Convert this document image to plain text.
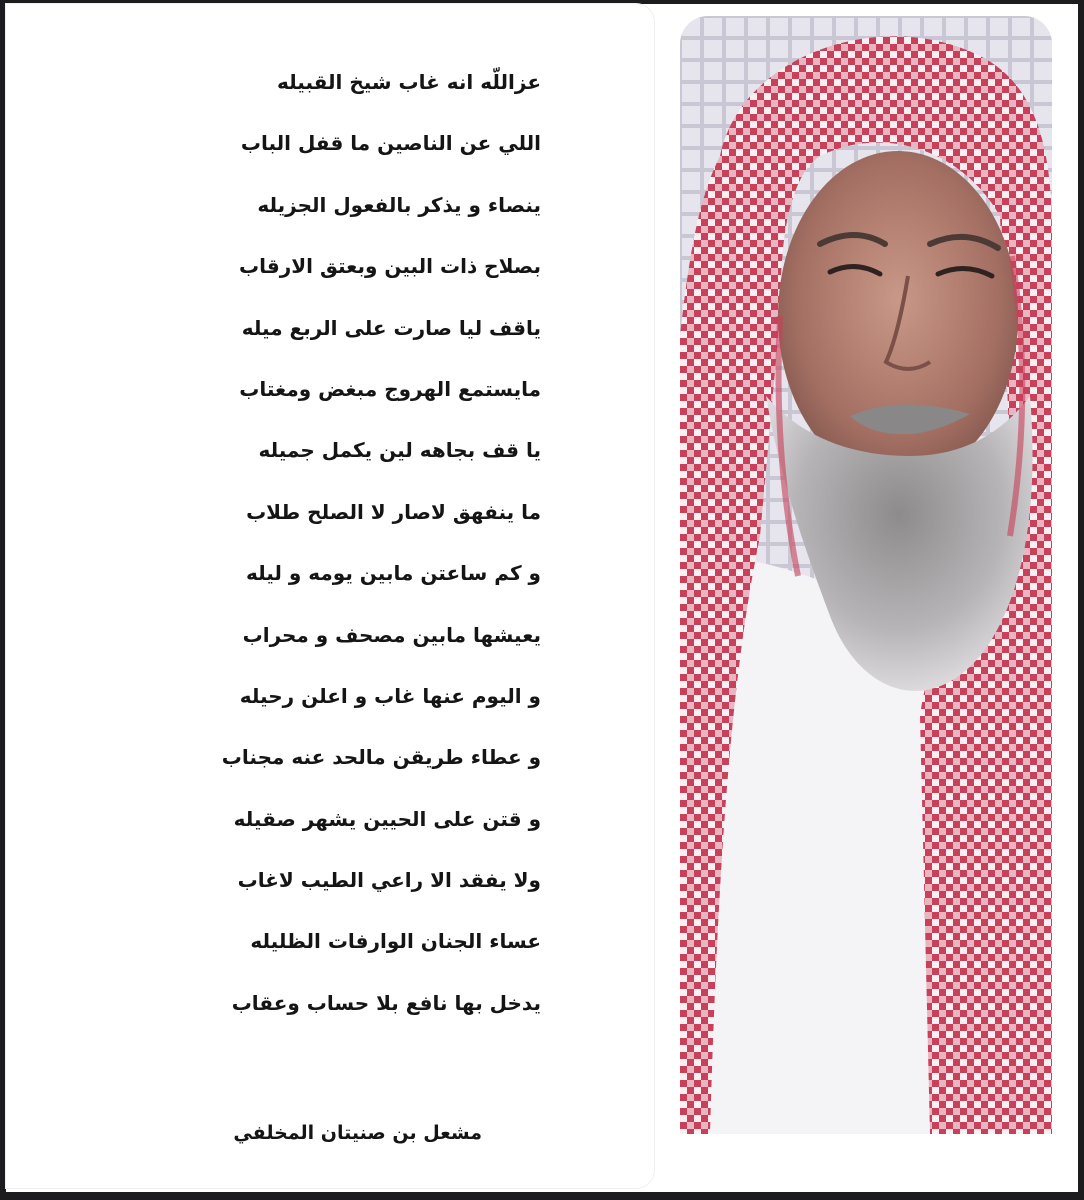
عزاللّه انه غاب شيخ القبيله
اللي عن الناصين ما قفل الباب
ينصاء و يذكر بالفعول الجزيله
بصلاح ذات البين وبعتق الارقاب
ياقف ليا صارت على الربع ميله
مايستمع الهروج مبغض ومغتاب
يا قف بجاهه لين يكمل جميله
ما ينفهق لاصار لا الصلح طلاب
و كم ساعتن مابين يومه و ليله
يعيشها مابين مصحف و محراب
و اليوم عنها غاب و اعلن رحيله
و عطاء طريقن مالحد عنه مجناب
و قتن على الحيين يشهر صقيله
ولا يفقد الا راعي الطيب لاغاب
عساء الجنان الوارفات الظليله
يدخل بها نافع بلا حساب وعقاب
مشعل بن صنيتان المخلفي
